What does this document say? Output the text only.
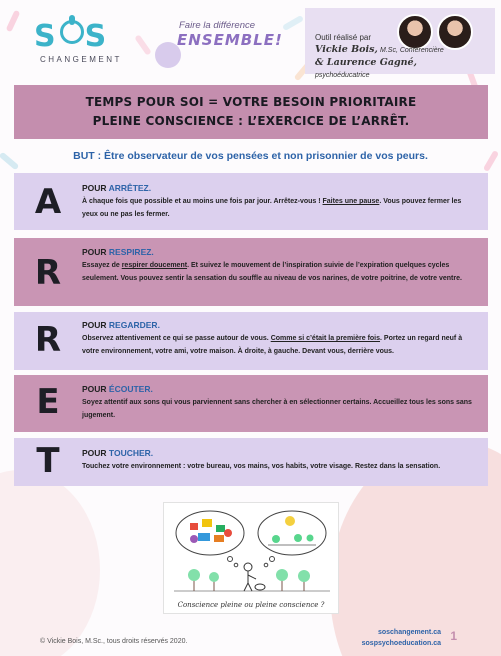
S S
CHANGEMENT
Faire la différence
ENSEMBLE!	Outil réalisé par
Vickie Bois, M.Sc, Conférencière
& Laurence Gagné, psychoéducatrice
TEMPS POUR SOI = VOTRE BESOIN PRIORITAIRE
PLEINE CONSCIENCE : L’EXERCICE DE L’ARRÊT.
BUT : Être observateur de vos pensées et non prisonnier de vos peurs.
A	POUR ARRÊTEZ.
À chaque fois que possible et au moins une fois par jour. Arrêtez-vous ! Faites une pause. Vous pouvez fermer les yeux ou ne pas les fermer.
R
POUR RESPIREZ.
Essayez de respirer doucement. Et suivez le mouvement de l’inspiration suivie de l’expiration quelques cycles seulement. Vous pouvez sentir la sensation du souffle au niveau de vos narines, de votre poitrine, de votre ventre.
R	POUR REGARDER.
Observez attentivement ce qui se passe autour de vous. Comme si c’était la première fois. Portez un regard neuf à votre environnement, votre ami, votre maison. À droite, à gauche. Devant vous, derrière vous.
E	POUR ÉCOUTER.
Soyez attentif aux sons qui vous parviennent sans chercher à en sélectionner certains. Accueillez tous les sons sans jugement.
T	POUR TOUCHER.
Touchez votre environnement : votre bureau, vos mains, vos habits, votre visage. Restez dans la sensation.
Conscience pleine ou pleine conscience ?
© Vickie Bois, M.Sc., tous droits réservés 2020.
soschangement.ca
sospsychoeducation.ca
1
